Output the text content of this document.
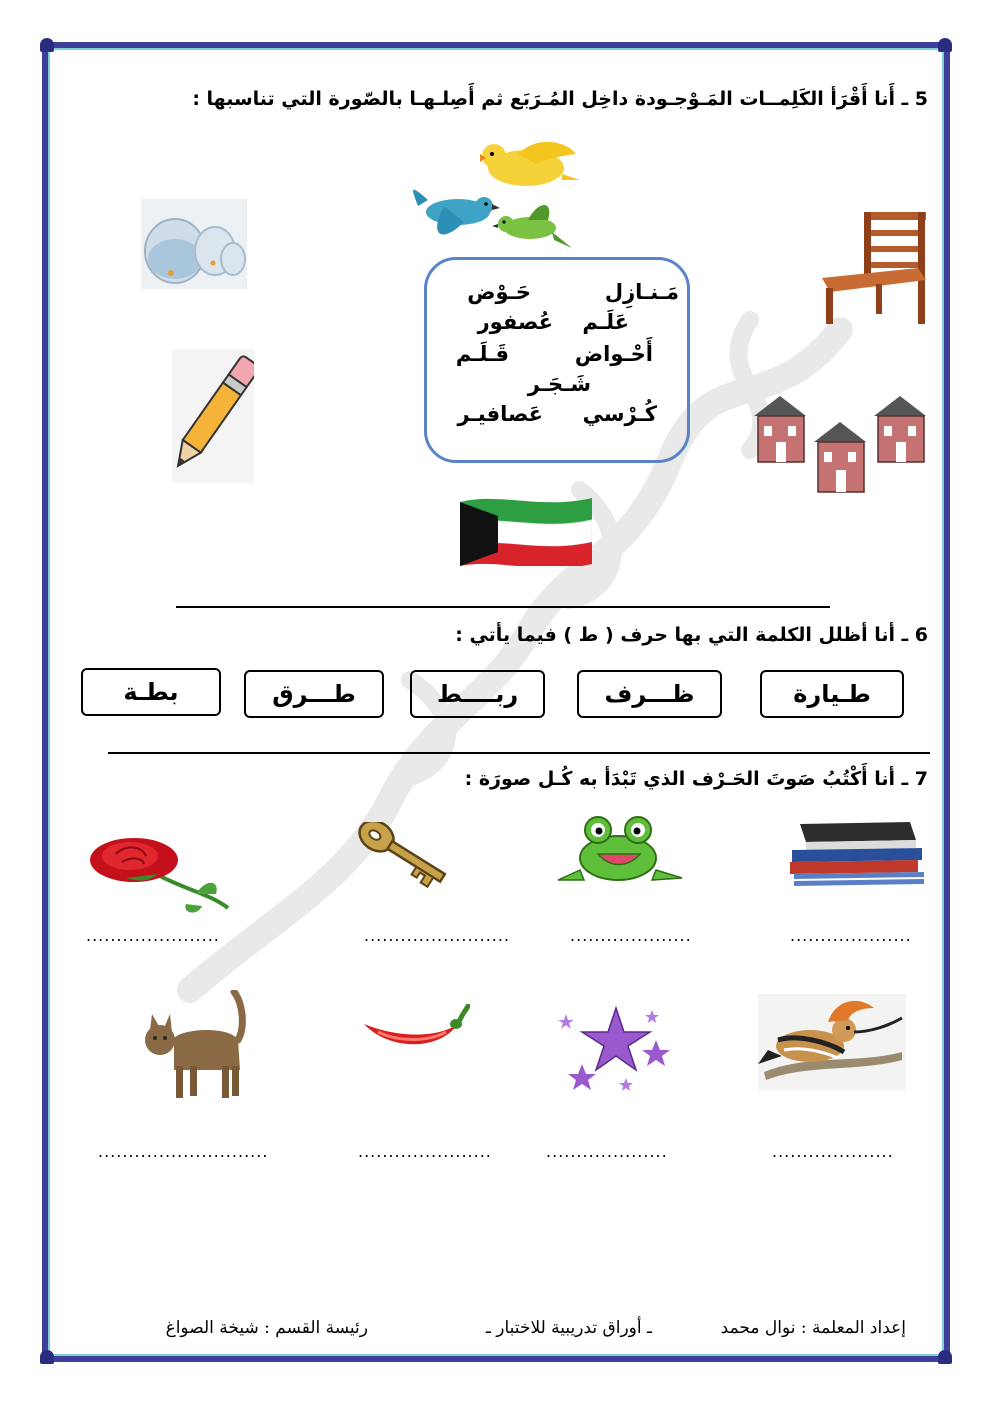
5 ـ أَنا أَقْرَأ الكَلِمــات المَـوْجـودة داخِل المُـرَبَع ثم أَصِلـهـا بالصّورة التي تناسبها :
مَـنـازِل
حَـوْض
عَلَـم
عُصفور
أَحْـواض
قَـلَـم
شَـجَـر
كُـرْسي
عَصافيـر
6 ـ أنا أظلل الكلمة التي بها حرف ( ط ) فيما يأتي :
طـيارة
ظـــرف
ربــــط
طـــرق
بطـة
7 ـ أنا أَكْتُبُ صَوتَ الحَـرْف الذي تَبْدَأ به كُـل صورَة :
....................
....................
........................
......................
....................
....................
......................
............................
إعداد المعلمة : نوال محمد
ـ أوراق تدريبية للاختبار ـ
رئيسة القسم : شيخة الصواغ
